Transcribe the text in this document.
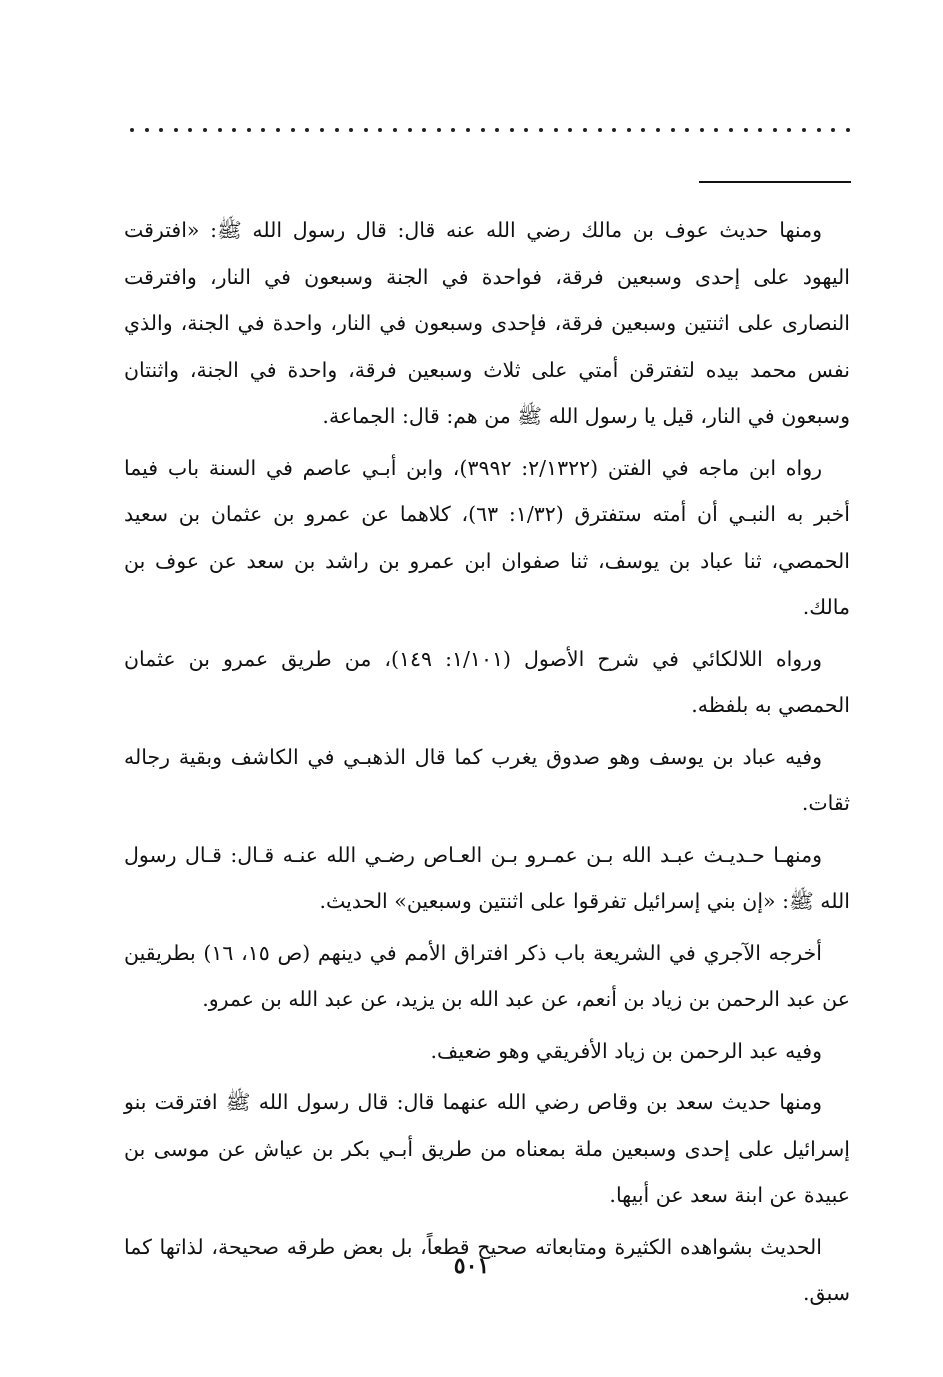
ومنها حديث عوف بن مالك رضي الله عنه قال: قال رسول الله ﷺ: «افترقت اليهود على إحدى وسبعين فرقة، فواحدة في الجنة وسبعون في النار، وافترقت النصارى على اثنتين وسبعين فرقة، فإحدى وسبعون في النار، واحدة في الجنة، والذي نفس محمد بيده لتفترقن أمتي على ثلاث وسبعين فرقة، واحدة في الجنة، واثنتان وسبعون في النار، قيل يا رسول الله ﷺ من هم: قال: الجماعة.

رواه ابن ماجه في الفتن (٢/١٣٢٢: ٣٩٩٢)، وابن أبـي عاصم في السنة باب فيما أخبر به النبـي أن أمته ستفترق (١/٣٢: ٦٣)، كلاهما عن عمرو بن عثمان بن سعيد الحمصي، ثنا عباد بن يوسف، ثنا صفوان ابن عمرو بن راشد بن سعد عن عوف بن مالك.

ورواه اللالكائي في شرح الأصول (١/١٠١: ١٤٩)، من طريق عمرو بن عثمان الحمصي به بلفظه.

وفيه عباد بن يوسف وهو صدوق يغرب كما قال الذهبـي في الكاشف وبقية رجاله ثقات.

ومنهـا حـديـث عبـد الله بـن عمـرو بـن العـاص رضـي الله عنـه قـال: قـال رسول الله ﷺ: «إن بني إسرائيل تفرقوا على اثنتين وسبعين» الحديث.

أخرجه الآجري في الشريعة باب ذكر افتراق الأمم في دينهم (ص ١٥، ١٦) بطريقين عن عبد الرحمن بن زياد بن أنعم، عن عبد الله بن يزيد، عن عبد الله بن عمرو.

وفيه عبد الرحمن بن زياد الأفريقي وهو ضعيف.

ومنها حديث سعد بن وقاص رضي الله عنهما قال: قال رسول الله ﷺ افترقت بنو إسرائيل على إحدى وسبعين ملة بمعناه من طريق أبـي بكر بن عياش عن موسى بن عبيدة عن ابنة سعد عن أبيها.

الحديث بشواهده الكثيرة ومتابعاته صحيح قطعاً، بل بعض طرقه صحيحة، لذاتها كما سبق.

٥٠١
